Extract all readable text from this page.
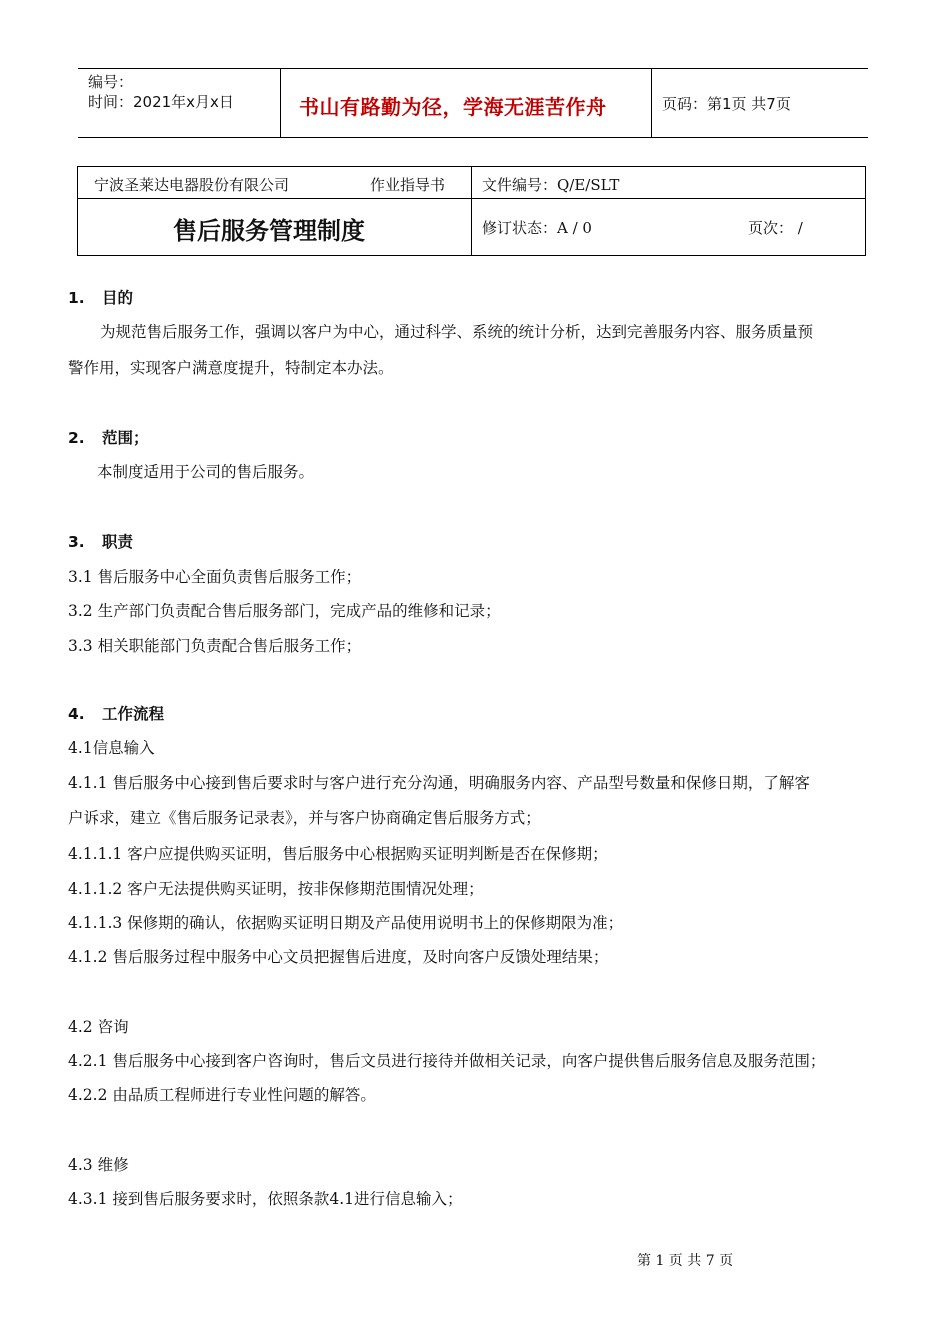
编号：
时间：2021年x月x日	书山有路勤为径，学海无涯苦作舟	页码：第1页 共7页
宁波圣莱达电器股份有限公司	作业指导书 文件编号：Q/E/SLT
售后服务管理制度	修订状态：A / 0	页次： /
1. 目的
为规范售后服务工作，强调以客户为中心，通过科学、系统的统计分析，达到完善服务内容、服务质量预
警作用，实现客户满意度提升，特制定本办法。
2. 范围；
本制度适用于公司的售后服务。
3. 职责
3.1 售后服务中心全面负责售后服务工作；
3.2 生产部门负责配合售后服务部门，完成产品的维修和记录；
3.3 相关职能部门负责配合售后服务工作；
4. 工作流程
4.1信息输入
4.1.1 售后服务中心接到售后要求时与客户进行充分沟通，明确服务内容、产品型号数量和保修日期，了解客
户诉求，建立《售后服务记录表》，并与客户协商确定售后服务方式；
4.1.1.1 客户应提供购买证明，售后服务中心根据购买证明判断是否在保修期；
4.1.1.2 客户无法提供购买证明，按非保修期范围情况处理；
4.1.1.3 保修期的确认，依据购买证明日期及产品使用说明书上的保修期限为准；
4.1.2 售后服务过程中服务中心文员把握售后进度，及时向客户反馈处理结果；
4.2 咨询
4.2.1 售后服务中心接到客户咨询时，售后文员进行接待并做相关记录，向客户提供售后服务信息及服务范围；
4.2.2 由品质工程师进行专业性问题的解答。
4.3 维修
4.3.1 接到售后服务要求时，依照条款4.1进行信息输入；
第 1 页 共 7 页
